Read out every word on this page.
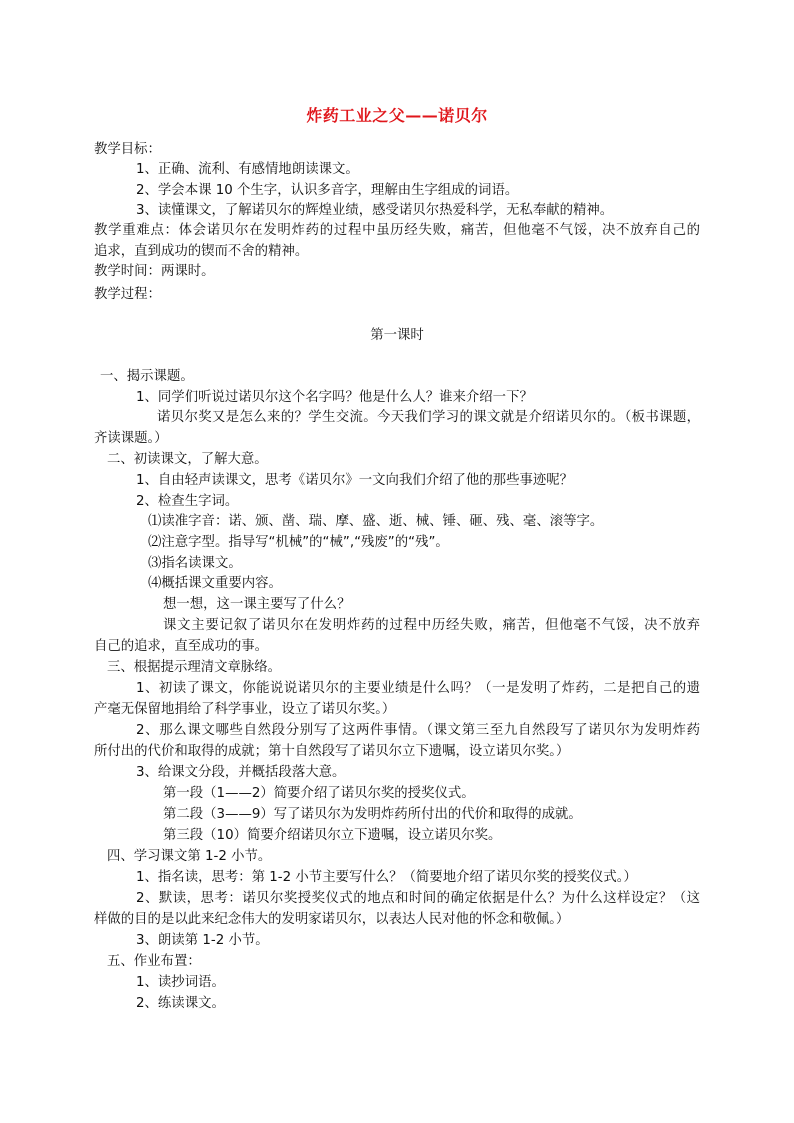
炸药工业之父——诺贝尔
教学目标：
1、正确、流利、有感情地朗读课文。
2、学会本课 10 个生字，认识多音字，理解由生字组成的词语。
3、读懂课文，了解诺贝尔的辉煌业绩，感受诺贝尔热爱科学，无私奉献的精神。
教学重难点：体会诺贝尔在发明炸药的过程中虽历经失败，痛苦，但他毫不气馁，决不放弃自己的
追求，直到成功的锲而不舍的精神。
教学时间：两课时。
教学过程：
第一课时
一、揭示课题。
1、同学们听说过诺贝尔这个名字吗？他是什么人？谁来介绍一下？
诺贝尔奖又是怎么来的？学生交流。今天我们学习的课文就是介绍诺贝尔的。（板书课题，
齐读课题。）
二、初读课文，了解大意。
1、自由轻声读课文，思考《诺贝尔》一文向我们介绍了他的那些事迹呢？
2、检查生字词。
⑴读准字音：诺、颁、凿、瑞、摩、盛、逝、械、锤、砸、残、毫、滚等字。
⑵注意字型。指导写“机械”的“械”,“残废”的“残”。
⑶指名读课文。
⑷概括课文重要内容。
想一想，这一课主要写了什么？
课文主要记叙了诺贝尔在发明炸药的过程中历经失败，痛苦，但他毫不气馁，决不放弃
自己的追求，直至成功的事。
三、根据提示理清文章脉络。
1、初读了课文，你能说说诺贝尔的主要业绩是什么吗？（一是发明了炸药，二是把自己的遗
产毫无保留地捐给了科学事业，设立了诺贝尔奖。）
2、那么课文哪些自然段分别写了这两件事情。（课文第三至九自然段写了诺贝尔为发明炸药
所付出的代价和取得的成就；第十自然段写了诺贝尔立下遗嘱，设立诺贝尔奖。）
3、给课文分段，并概括段落大意。
第一段（1——2）简要介绍了诺贝尔奖的授奖仪式。
第二段（3——9）写了诺贝尔为发明炸药所付出的代价和取得的成就。
第三段（10）简要介绍诺贝尔立下遗嘱，设立诺贝尔奖。
四、学习课文第 1-2 小节。
1、指名读，思考：第 1-2 小节主要写什么？（简要地介绍了诺贝尔奖的授奖仪式。）
2、默读，思考：诺贝尔奖授奖仪式的地点和时间的确定依据是什么？为什么这样设定？（这
样做的目的是以此来纪念伟大的发明家诺贝尔，以表达人民对他的怀念和敬佩。）
3、朗读第 1-2 小节。
五、作业布置：
1、读抄词语。
2、练读课文。
